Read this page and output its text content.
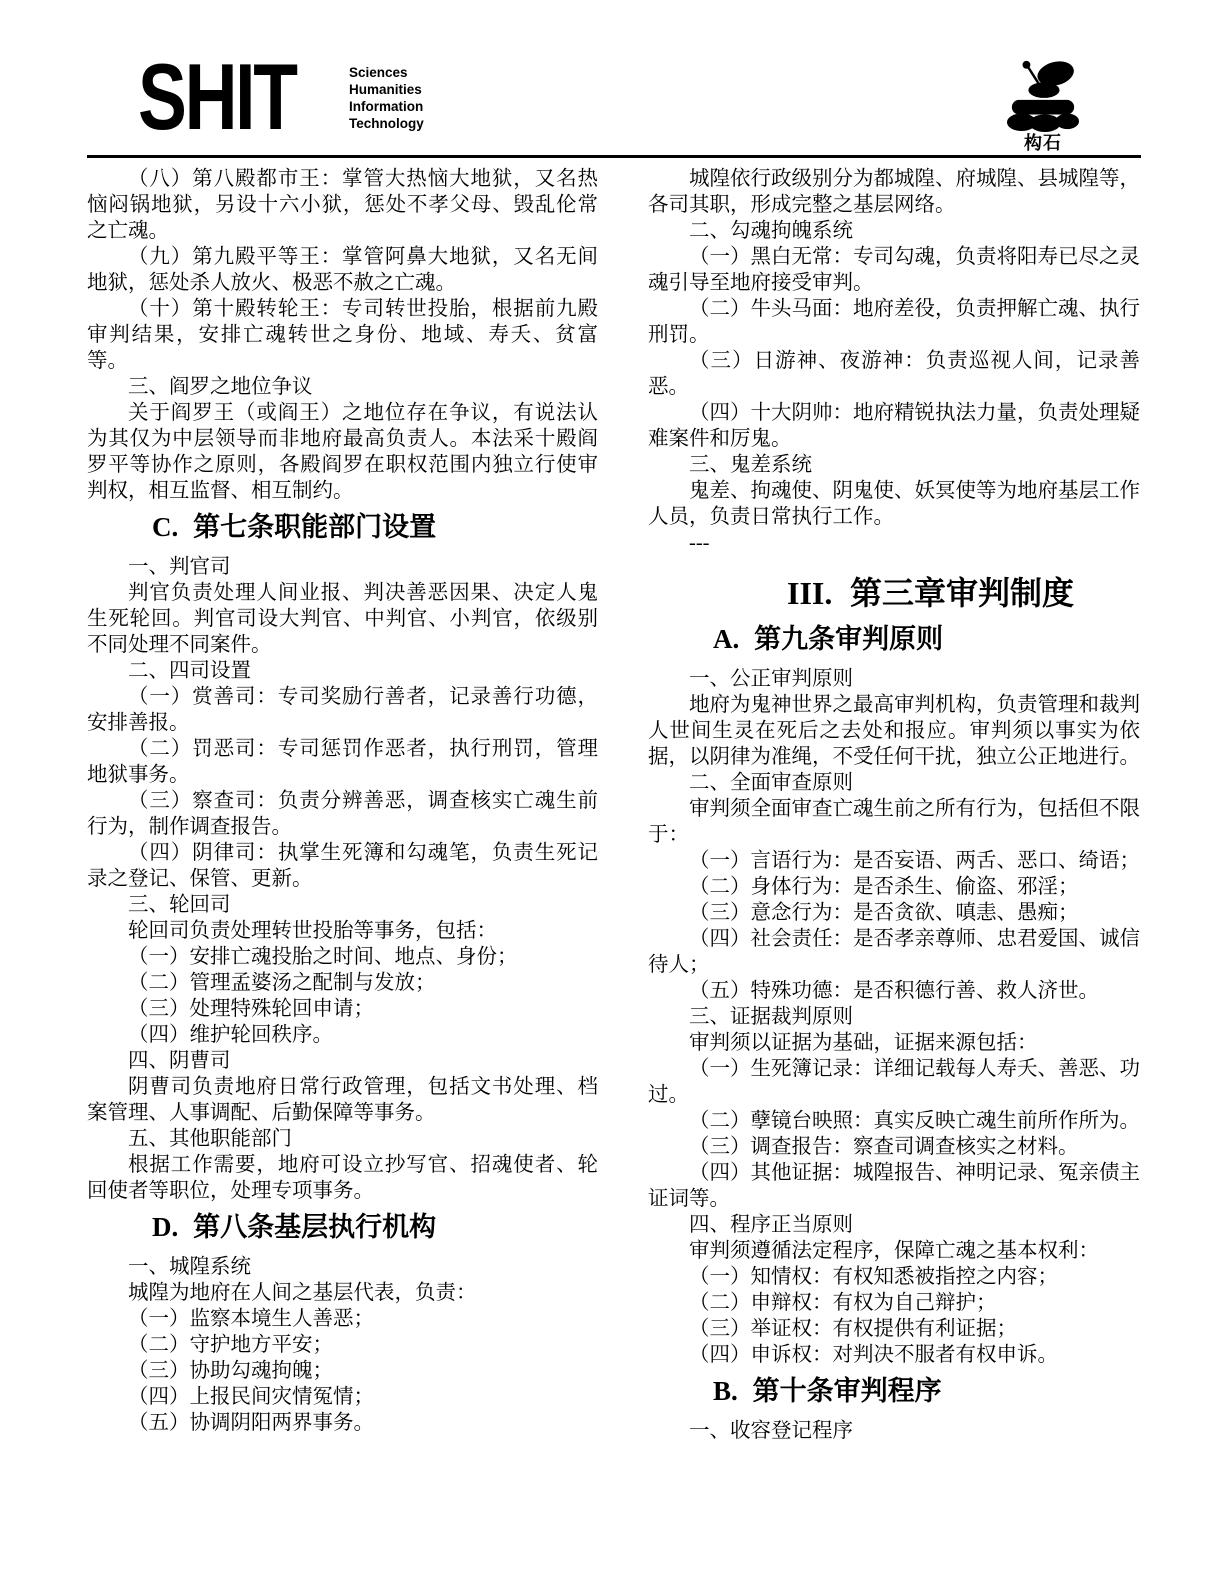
SHIT	Sciences
Humanities
Information
Technology
构石

（八）第八殿都市王：掌管大热恼大地狱，又名热恼闷锅地狱，另设十六小狱，惩处不孝父母、毁乱伦常之亡魂。

（九）第九殿平等王：掌管阿鼻大地狱，又名无间地狱，惩处杀人放火、极恶不赦之亡魂。

（十）第十殿转轮王：专司转世投胎，根据前九殿审判结果，安排亡魂转世之身份、地域、寿夭、贫富等。

三、阎罗之地位争议

关于阎罗王（或阎王）之地位存在争议，有说法认为其仅为中层领导而非地府最高负责人。本法采十殿阎罗平等协作之原则，各殿阎罗在职权范围内独立行使审判权，相互监督、相互制约。

C. 第七条职能部门设置

一、判官司

判官负责处理人间业报、判决善恶因果、决定人鬼生死轮回。判官司设大判官、中判官、小判官，依级别不同处理不同案件。

二、四司设置

（一）赏善司：专司奖励行善者，记录善行功德，安排善报。

（二）罚恶司：专司惩罚作恶者，执行刑罚，管理地狱事务。

（三）察查司：负责分辨善恶，调查核实亡魂生前行为，制作调查报告。

（四）阴律司：执掌生死簿和勾魂笔，负责生死记录之登记、保管、更新。

三、轮回司

轮回司负责处理转世投胎等事务，包括：

（一）安排亡魂投胎之时间、地点、身份；

（二）管理孟婆汤之配制与发放；

（三）处理特殊轮回申请；

（四）维护轮回秩序。

四、阴曹司

阴曹司负责地府日常行政管理，包括文书处理、档案管理、人事调配、后勤保障等事务。

五、其他职能部门

根据工作需要，地府可设立抄写官、招魂使者、轮回使者等职位，处理专项事务。

D. 第八条基层执行机构

一、城隍系统

城隍为地府在人间之基层代表，负责：

（一）监察本境生人善恶；

（二）守护地方平安；

（三）协助勾魂拘魄；

（四）上报民间灾情冤情；

（五）协调阴阳两界事务。

城隍依行政级别分为都城隍、府城隍、县城隍等，各司其职，形成完整之基层网络。

二、勾魂拘魄系统

（一）黑白无常：专司勾魂，负责将阳寿已尽之灵魂引导至地府接受审判。

（二）牛头马面：地府差役，负责押解亡魂、执行刑罚。

（三）日游神、夜游神：负责巡视人间，记录善恶。

（四）十大阴帅：地府精锐执法力量，负责处理疑难案件和厉鬼。

三、鬼差系统

鬼差、拘魂使、阴鬼使、妖冥使等为地府基层工作人员，负责日常执行工作。

---

III. 第三章审判制度
A. 第九条审判原则

一、公正审判原则

地府为鬼神世界之最高审判机构，负责管理和裁判人世间生灵在死后之去处和报应。审判须以事实为依据，以阴律为准绳，不受任何干扰，独立公正地进行。

二、全面审查原则

审判须全面审查亡魂生前之所有行为，包括但不限于：

（一）言语行为：是否妄语、两舌、恶口、绮语；

（二）身体行为：是否杀生、偷盗、邪淫；

（三）意念行为：是否贪欲、嗔恚、愚痴；

（四）社会责任：是否孝亲尊师、忠君爱国、诚信待人；

（五）特殊功德：是否积德行善、救人济世。

三、证据裁判原则

审判须以证据为基础，证据来源包括：

（一）生死簿记录：详细记载每人寿夭、善恶、功过。

（二）孽镜台映照：真实反映亡魂生前所作所为。

（三）调查报告：察查司调查核实之材料。

（四）其他证据：城隍报告、神明记录、冤亲债主证词等。

四、程序正当原则

审判须遵循法定程序，保障亡魂之基本权利：

（一）知情权：有权知悉被指控之内容；

（二）申辩权：有权为自己辩护；

（三）举证权：有权提供有利证据；

（四）申诉权：对判决不服者有权申诉。

B. 第十条审判程序

一、收容登记程序
